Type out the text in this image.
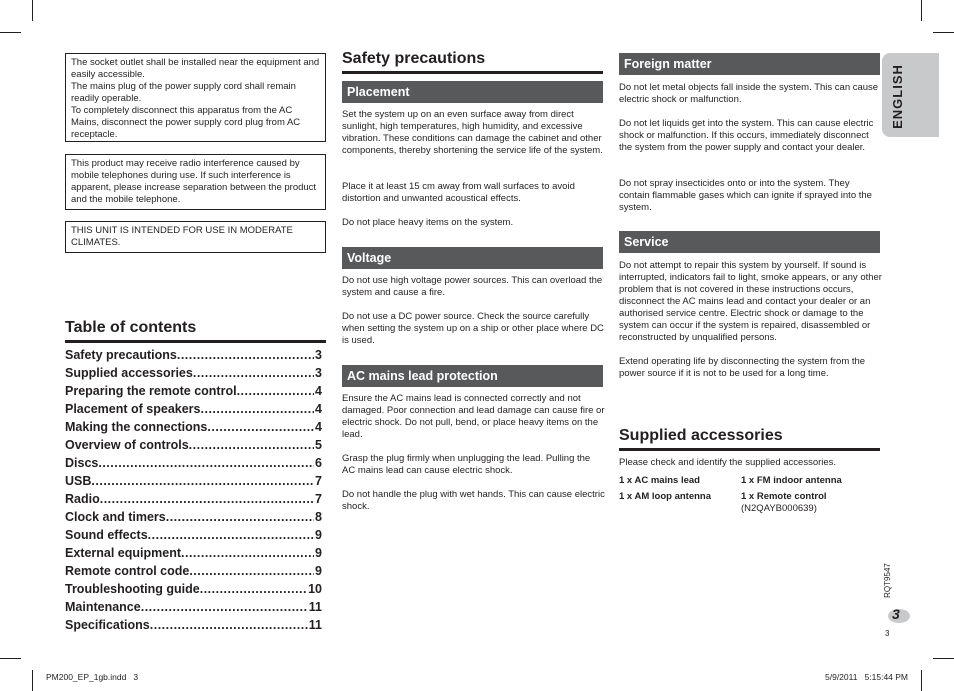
The socket outlet shall be installed near the equipment and easily accessible.

The mains plug of the power supply cord shall remain readily operable.

To completely disconnect this apparatus from the AC Mains, disconnect the power supply cord plug from AC receptacle.

This product may receive radio interference caused by mobile telephones during use. If such interference is apparent, please increase separation between the product and the mobile telephone.

THIS UNIT IS INTENDED FOR USE IN MODERATE CLIMATES.

Table of contents
Safety precautions .....	3
Supplied accessories .....	3
Preparing the remote control .....	4
Placement of speakers .....	4
Making the connections .....	4
Overview of controls .....	5
Discs .....	6
USB .....	7
Radio .....	7
Clock and timers .....	8
Sound effects .....	9
External equipment .....	9
Remote control code .....	9
Troubleshooting guide .....	10
Maintenance .....	11
Specifications .....	11
Safety precautions
Placement

Set the system up on an even surface away from direct sunlight, high temperatures, high humidity, and excessive vibration. These conditions can damage the cabinet and other components, thereby shortening the service life of the system.

Place it at least 15 cm away from wall surfaces to avoid distortion and unwanted acoustical effects.

Do not place heavy items on the system.

Voltage

Do not use high voltage power sources. This can overload the system and cause a fire.

Do not use a DC power source. Check the source carefully when setting the system up on a ship or other place where DC is used.

AC mains lead protection

Ensure the AC mains lead is connected correctly and not damaged. Poor connection and lead damage can cause fire or electric shock. Do not pull, bend, or place heavy items on the lead.

Grasp the plug firmly when unplugging the lead. Pulling the AC mains lead can cause electric shock.

Do not handle the plug with wet hands. This can cause electric shock.

Foreign matter

Do not let metal objects fall inside the system. This can cause electric shock or malfunction.

Do not let liquids get into the system. This can cause electric shock or malfunction. If this occurs, immediately disconnect the system from the power supply and contact your dealer.

Do not spray insecticides onto or into the system. They contain flammable gases which can ignite if sprayed into the system.

Service

Do not attempt to repair this system by yourself. If sound is interrupted, indicators fail to light, smoke appears, or any other problem that is not covered in these instructions occurs, disconnect the AC mains lead and contact your dealer or an authorised service centre. Electric shock or damage to the system can occur if the system is repaired, disassembled or reconstructed by unqualified persons.

Extend operating life by disconnecting the system from the power source if it is not to be used for a long time.

Supplied accessories

Please check and identify the supplied accessories.

1 x AC mains lead	1 x FM indoor antenna
1 x AM loop antenna	1 x Remote control
(N2QAYB000639)
ENGLISH
RQT9547
3
3
PM200_EP_1gb.indd   3	5/9/2011   5:15:44 PM
